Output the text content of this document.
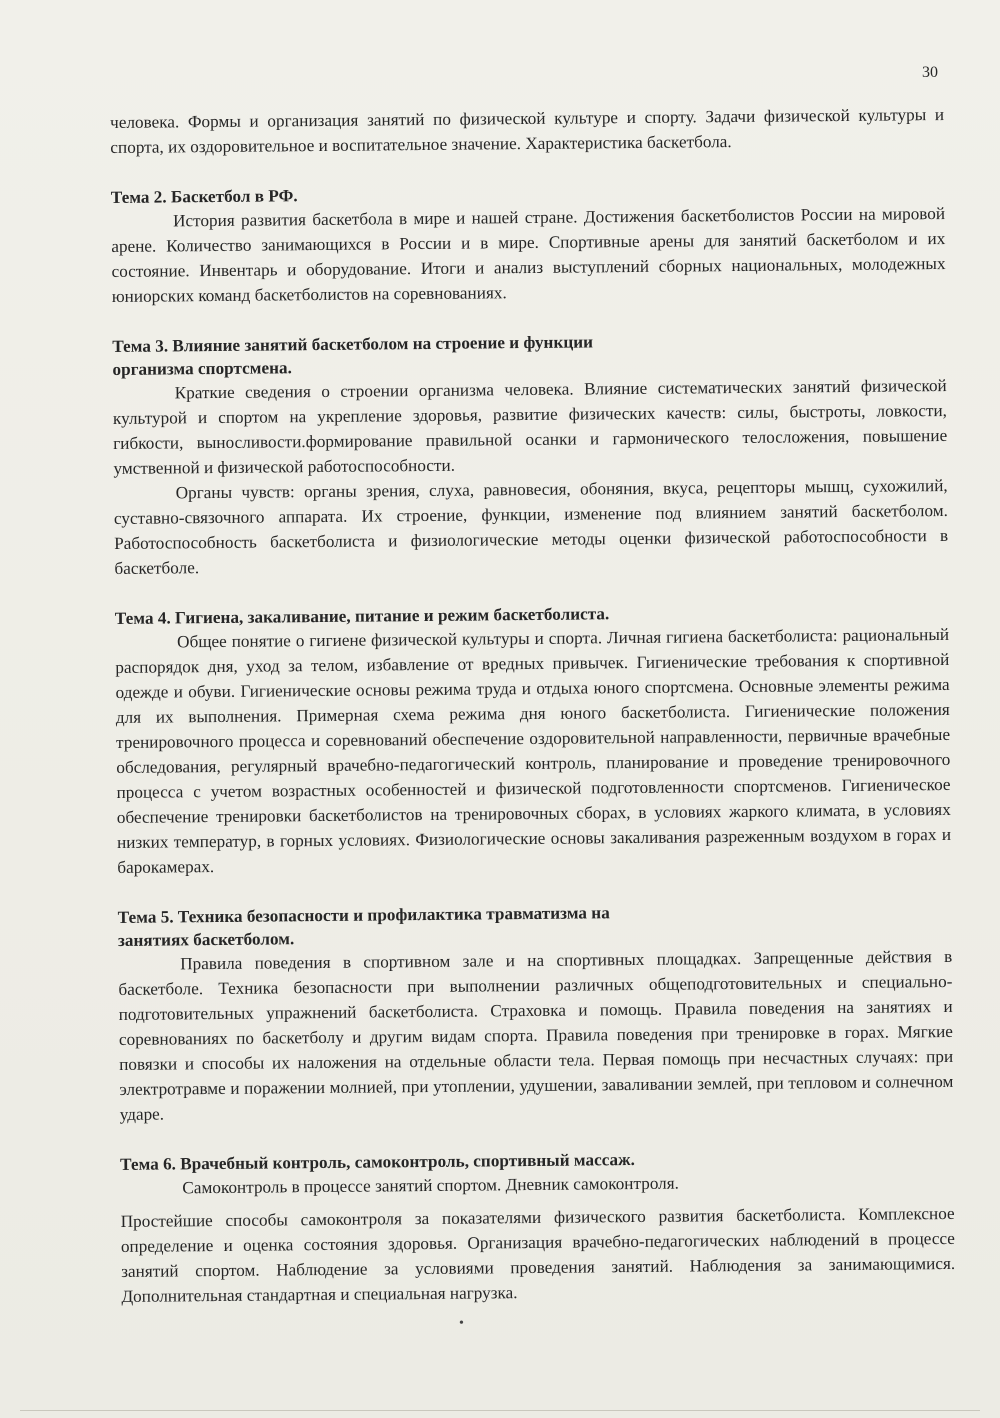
30

человека. Формы и организация занятий по физической культуре и спорту. Задачи физической культуры и спорта, их оздоровительное и воспитательное значение. Характеристика баскетбола.

Тема 2. Баскетбол в РФ.

История развития баскетбола в мире и нашей стране. Достижения баскетболистов России на мировой арене. Количество занимающихся в России и в мире. Спортивные арены для занятий баскетболом и их состояние. Инвентарь и оборудование. Итоги и анализ выступлений сборных национальных, молодежных юниорских команд баскетболистов на соревнованиях.

Тема 3. Влияние занятий баскетболом на строение и функции организма спортсмена.

Краткие сведения о строении организма человека. Влияние систематических занятий физической культурой и спортом на укрепление здоровья, развитие физических качеств: силы, быстроты, ловкости, гибкости, выносливости.формирование правильной осанки и гармонического телосложения, повышение умственной и физической работоспособности.

Органы чувств: органы зрения, слуха, равновесия, обоняния, вкуса, рецепторы мышц, сухожилий, суставно-связочного аппарата. Их строение, функции, изменение под влиянием занятий баскетболом. Работоспособность баскетболиста и физиологические методы оценки физической работоспособности в баскетболе.

Тема 4. Гигиена, закаливание, питание и режим баскетболиста.

Общее понятие о гигиене физической культуры и спорта. Личная гигиена баскетболиста: рациональный распорядок дня, уход за телом, избавление от вредных привычек. Гигиенические требования к спортивной одежде и обуви. Гигиенические основы режима труда и отдыха юного спортсмена. Основные элементы режима для их выполнения. Примерная схема режима дня юного баскетболиста. Гигиенические положения тренировочного процесса и соревнований обеспечение оздоровительной направленности, первичные врачебные обследования, регулярный врачебно-педагогический контроль, планирование и проведение тренировочного процесса с учетом возрастных особенностей и физической подготовленности спортсменов. Гигиеническое обеспечение тренировки баскетболистов на тренировочных сборах, в условиях жаркого климата, в условиях низких температур, в горных условиях. Физиологические основы закаливания разреженным воздухом в горах и барокамерах.

Тема 5. Техника безопасности и профилактика травматизма на занятиях баскетболом.

Правила поведения в спортивном зале и на спортивных площадках. Запрещенные действия в баскетболе. Техника безопасности при выполнении различных общеподготовительных и специально-подготовительных упражнений баскетболиста. Страховка и помощь. Правила поведения на занятиях и соревнованиях по баскетболу и другим видам спорта. Правила поведения при тренировке в горах. Мягкие повязки и способы их наложения на отдельные области тела. Первая помощь при несчастных случаях: при электротравме и поражении молнией, при утоплении, удушении, заваливании землей, при тепловом и солнечном ударе.

Тема 6. Врачебный контроль, самоконтроль, спортивный массаж.

Самоконтроль в процессе занятий спортом. Дневник самоконтроля.

Простейшие способы самоконтроля за показателями физического развития баскетболиста. Комплексное определение и оценка состояния здоровья. Организация врачебно-педагогических наблюдений в процессе занятий спортом. Наблюдение за условиями проведения занятий. Наблюдения за занимающимися. Дополнительная стандартная и специальная нагрузка.

•
